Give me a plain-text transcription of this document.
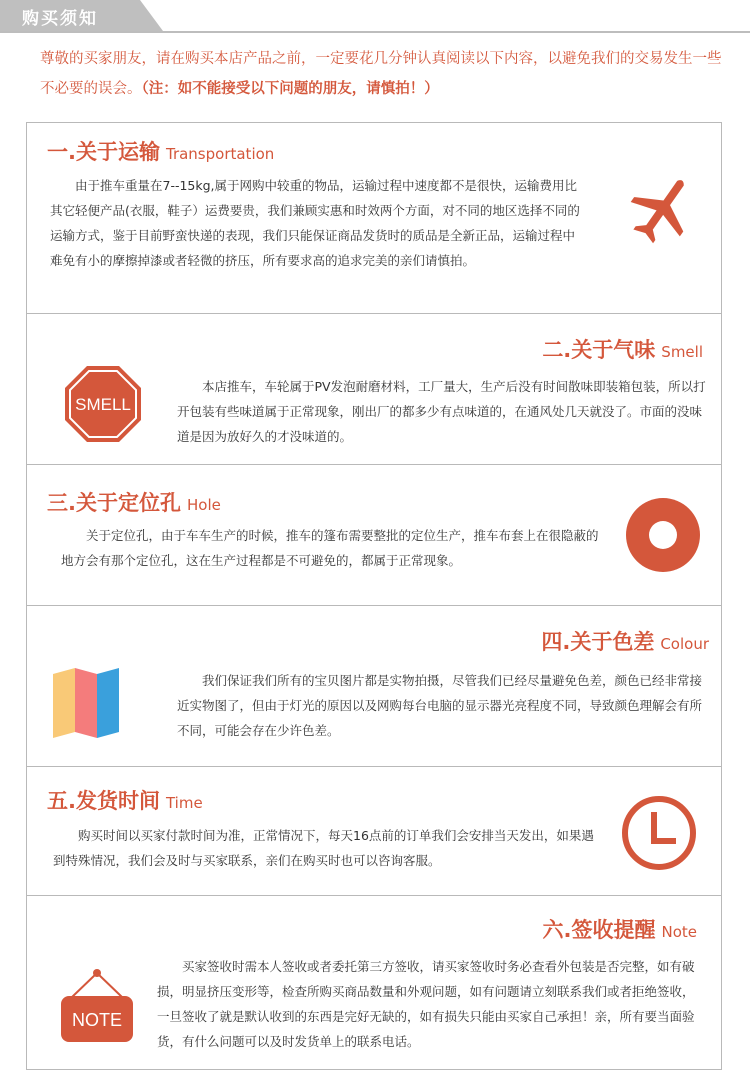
购买须知
尊敬的买家朋友，请在购买本店产品之前，一定要花几分钟认真阅读以下内容，以避免我们的交易发生一些不必要的误会。（注：如不能接受以下问题的朋友，请慎拍！）
一.关于运输 Transportation
由于推车重量在7--15kg,属于网购中较重的物品，运输过程中速度都不是很快，运输费用比其它轻便产品(衣服，鞋子）运费要贵，我们兼顾实惠和时效两个方面，对不同的地区选择不同的运输方式，鉴于目前野蛮快递的表现，我们只能保证商品发货时的质品是全新正品，运输过程中难免有小的摩擦掉漆或者轻微的挤压，所有要求高的追求完美的亲们请慎拍。
二.关于气味 Smell
本店推车，车轮属于PV发泡耐磨材料，工厂量大，生产后没有时间散味即装箱包装，所以打开包装有些味道属于正常现象，刚出厂的都多少有点味道的，在通风处几天就没了。市面的没味道是因为放好久的才没味道的。
SMELL
三.关于定位孔 Hole
关于定位孔，由于车车生产的时候，推车的篷布需要整批的定位生产，推车布套上在很隐蔽的地方会有那个定位孔，这在生产过程都是不可避免的，都属于正常现象。
四.关于色差 Colour
我们保证我们所有的宝贝图片都是实物拍摄，尽管我们已经尽量避免色差，颜色已经非常接近实物图了，但由于灯光的原因以及网购每台电脑的显示器光亮程度不同，导致颜色理解会有所不同，可能会存在少许色差。
五.发货时间 Time
购买时间以买家付款时间为准，正常情况下，每天16点前的订单我们会安排当天发出，如果遇到特殊情况，我们会及时与买家联系，亲们在购买时也可以咨询客服。
六.签收提醒 Note
买家签收时需本人签收或者委托第三方签收，请买家签收时务必查看外包装是否完整，如有破损，明显挤压变形等，检查所购买商品数量和外观问题，如有问题请立刻联系我们或者拒绝签收，一旦签收了就是默认收到的东西是完好无缺的，如有损失只能由买家自己承担！亲，所有要当面验货，有什么问题可以及时发货单上的联系电话。
NOTE
